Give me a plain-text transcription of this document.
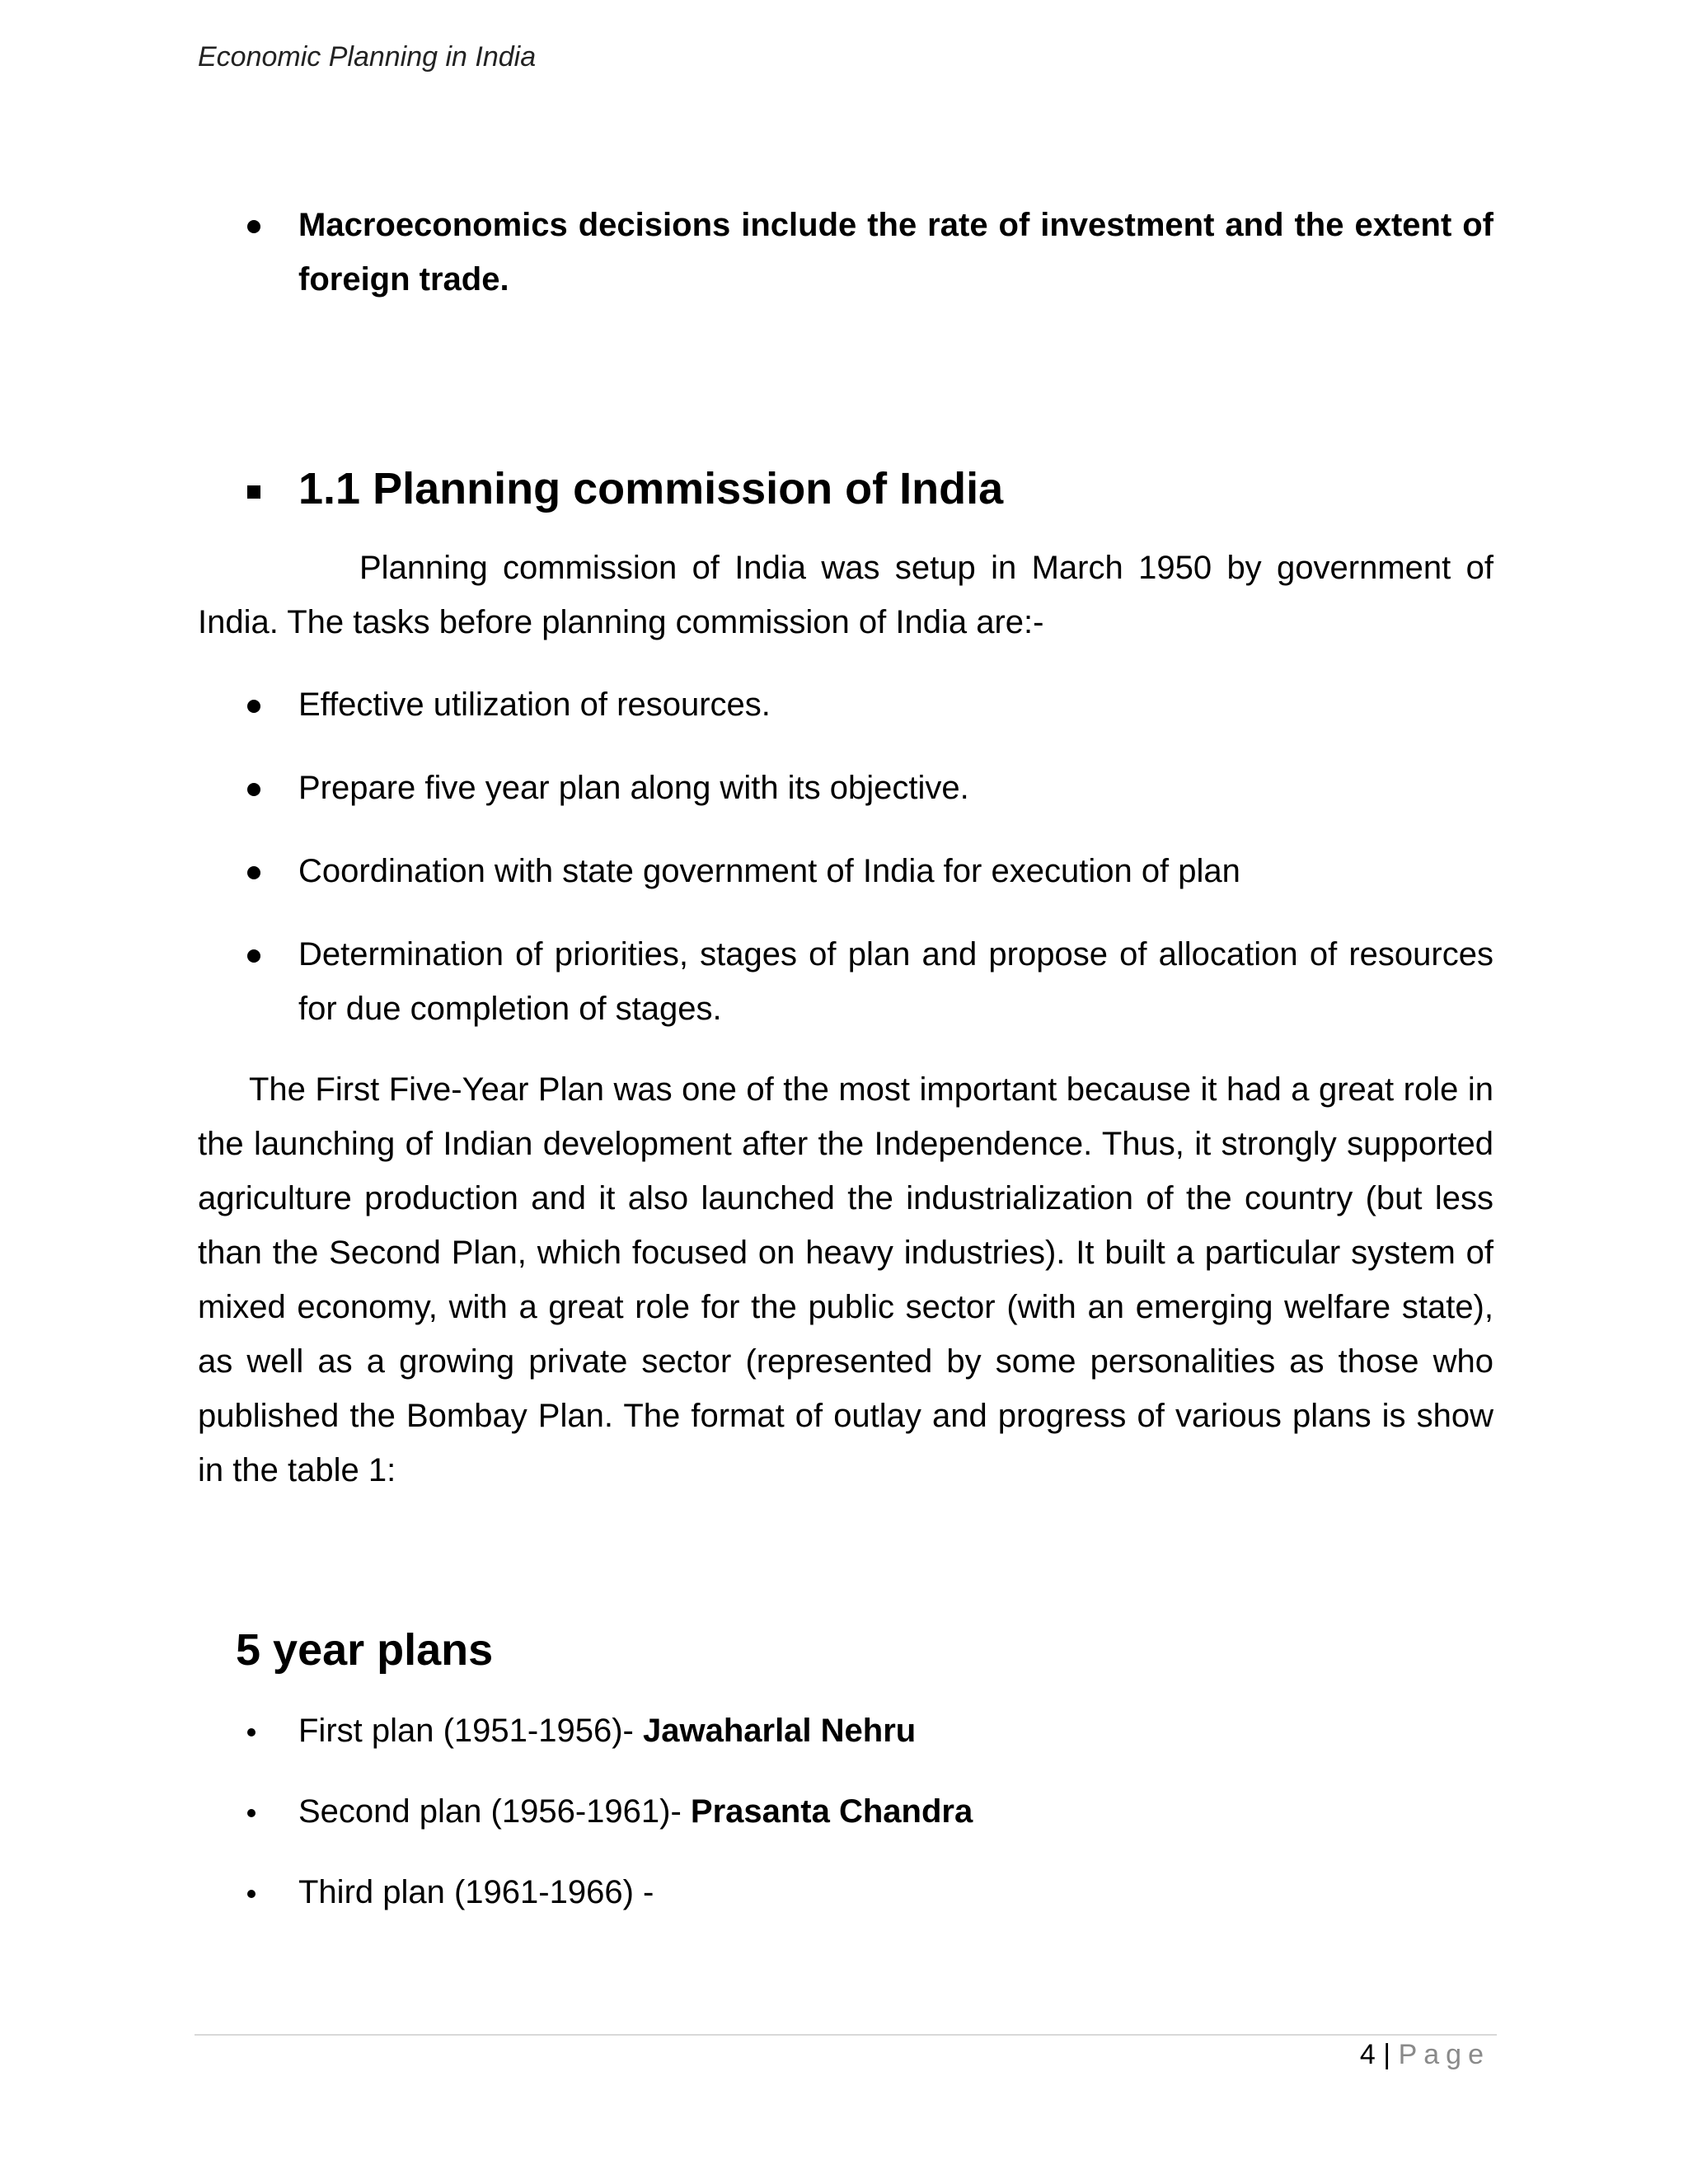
Economic Planning in India
Macroeconomics decisions include the rate of investment and the extent of foreign trade.
1.1 Planning commission of India

Planning commission of India was setup in March 1950 by government of India. The tasks before planning commission of India are:-

Effective utilization of resources.
Prepare five year plan along with its objective.
Coordination with state government of India for execution of plan
Determination of priorities, stages of plan and propose of allocation of resources for due completion of stages.

The First Five-Year Plan was one of the most important because it had a great role in the launching of Indian development after the Independence. Thus, it strongly supported agriculture production and it also launched the industrialization of the country (but less than the Second Plan, which focused on heavy industries). It built a particular system of mixed economy, with a great role for the public sector (with an emerging welfare state), as well as a growing private sector (represented by some personalities as those who published the Bombay Plan. The format of outlay and progress of various plans is show in the table 1:

5 year plans
First plan (1951-1956)- Jawaharlal Nehru
Second plan (1956-1961)- Prasanta Chandra
Third plan (1961-1966) -
4 | Page
